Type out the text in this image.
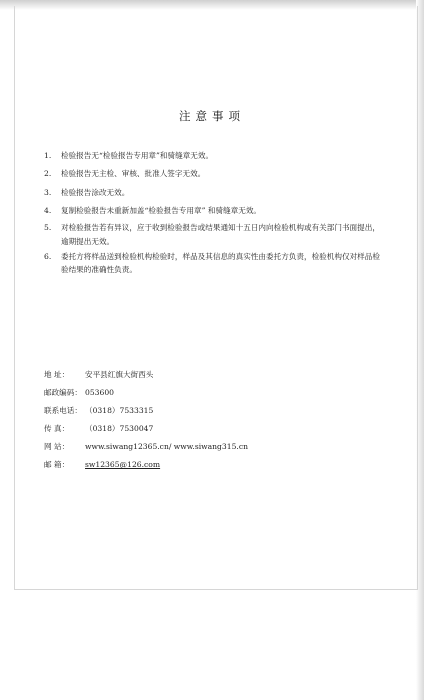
注意事项
1. 检验报告无“检验报告专用章”和骑缝章无效。
2. 检验报告无主检、审核、批准人签字无效。
3. 检验报告涂改无效。
4. 复制检验报告未重新加盖“检验报告专用章” 和骑缝章无效。
5. 对检验报告若有异议，应于收到检验报告或结果通知十五日内向检验机构或有关部门书面提出，逾期提出无效。
6. 委托方将样品送到检验机构检验时，样品及其信息的真实性由委托方负责，检验机构仅对样品检验结果的准确性负责。
地 址： 安平县红旗大街西头
邮政编码： 053600
联系电话： （0318）7533315
传 真： （0318）7530047
网 站： www.siwang12365.cn/ www.siwang315.cn
邮 箱： sw12365@126.com
